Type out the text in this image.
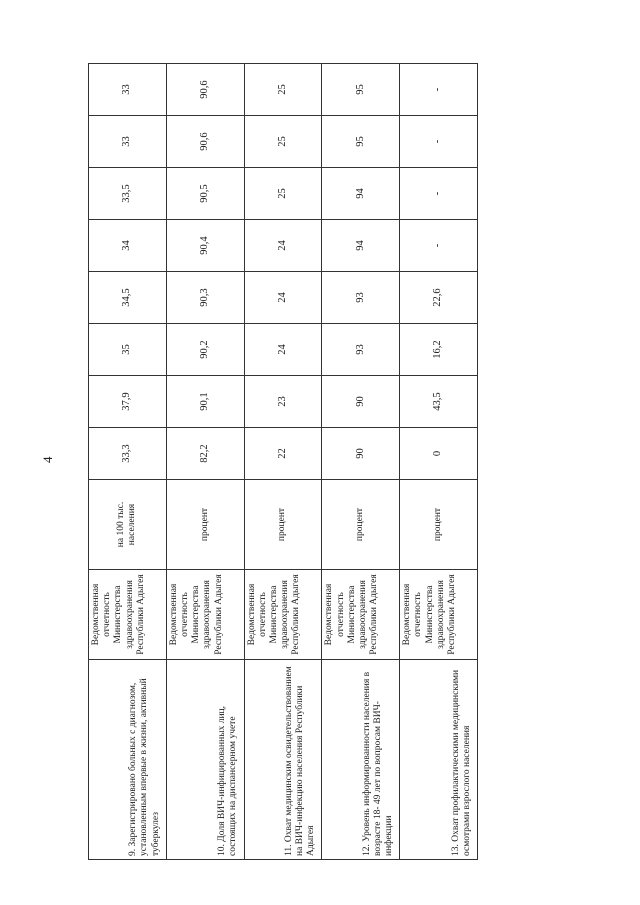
4
9. Зарегистрировано больных с диагнозом, установленным впервые в жизни, активный туберкулез	Ведомственная отчетность Министерства здравоохранения Республики Адыгея	на 100 тыс. населения	33,3	37,9	35	34,5	34	33,5	33	33
10. Доля ВИЧ-инфицированных лиц, состоящих на диспансерном учете	Ведомственная отчетность Министерства здравоохранения Республики Адыгея	процент	82,2	90,1	90,2	90,3	90,4	90,5	90,6	90,6
11. Охват медицинским освидетельствованием на ВИЧ-инфекцию населения Республики Адыгея	Ведомственная отчетность Министерства здравоохранения Республики Адыгея	процент	22	23	24	24	24	25	25	25
12. Уровень информированности населения в возрасте 18- 49 лет по вопросам ВИЧ-инфекции	Ведомственная отчетность Министерства здравоохранения Республики Адыгея	процент	90	90	93	93	94	94	95	95
13. Охват профилактическими медицинскими осмотрами взрослого населения	Ведомственная отчетность Министерства здравоохранения Республики Адыгея	процент	0	43,5	16,2	22,6	-	-	-	-
